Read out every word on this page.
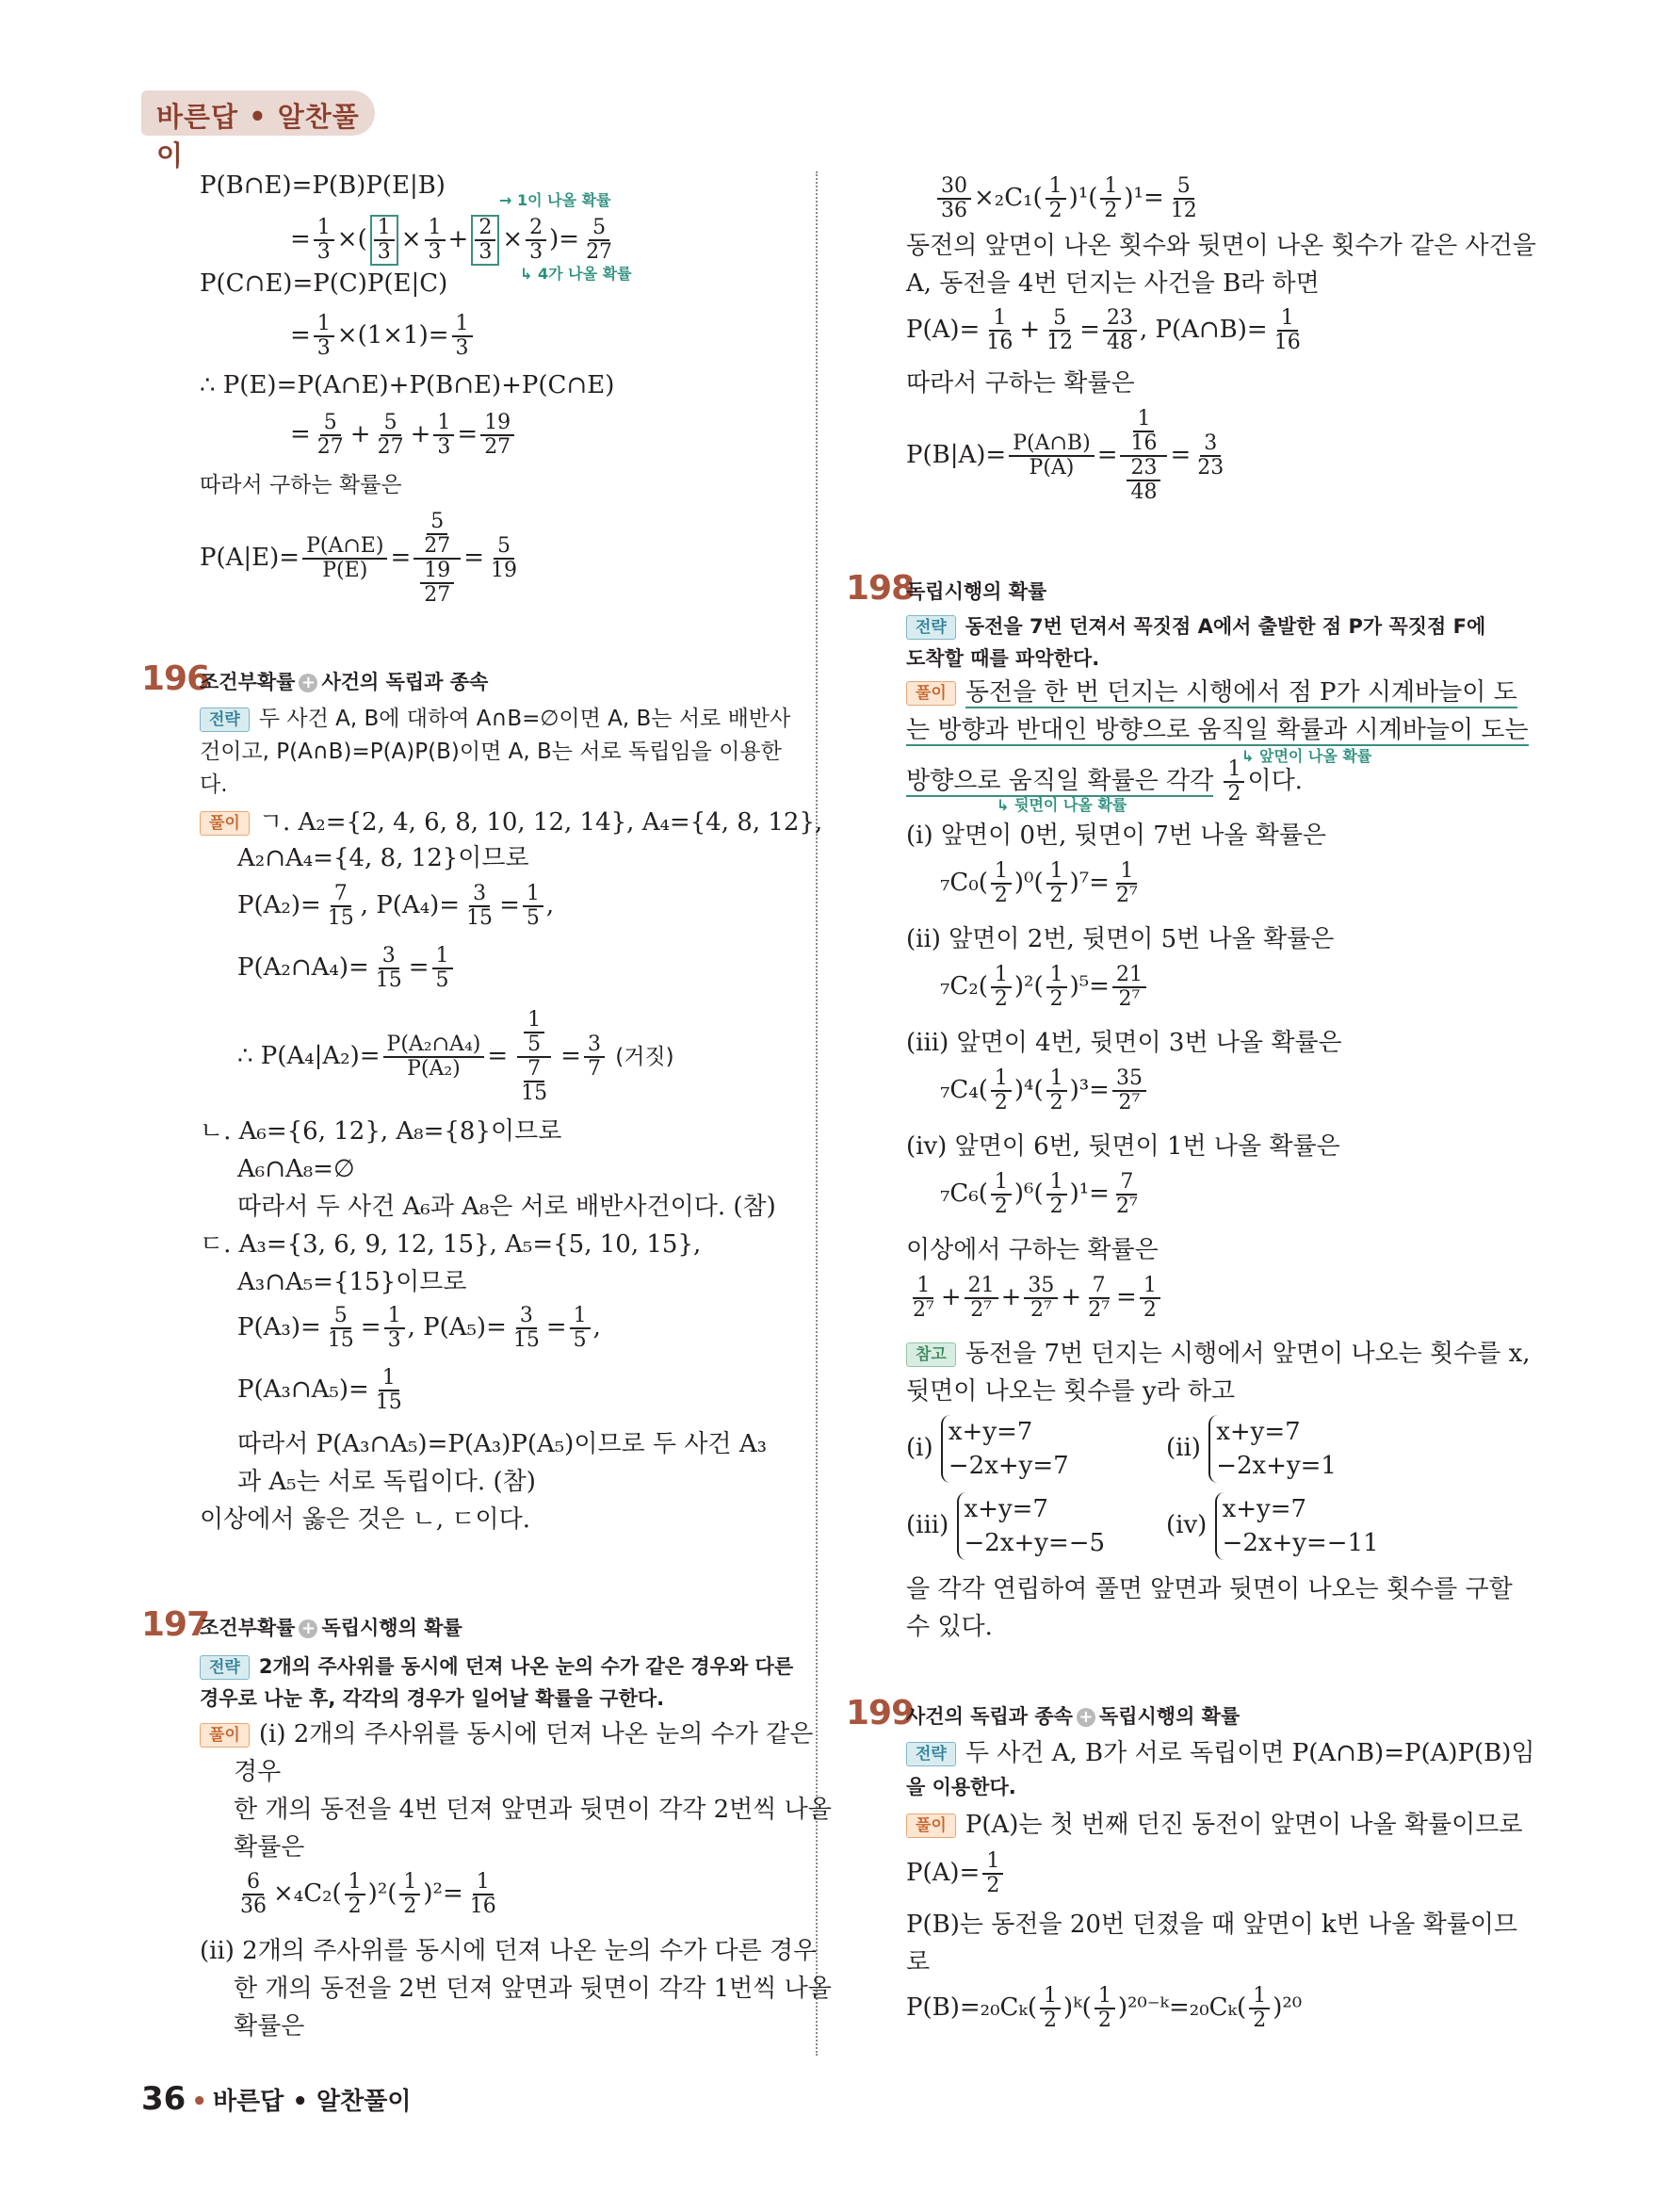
바른답 • 알찬풀이
P(B∩E)=P(B)P(E|B)
→ 1이 나올 확률
= $\frac{1}{3}$ ×( $\frac{1}{3} \times \frac{1}{3} + \frac{2}{3} \times \frac{2}{3}$ )= $\frac{5}{27}$
↳ 4가 나올 확률
P(C∩E)=P(C)P(E|C)
= $\frac{1}{3} \times(1\times 1)= \frac{1}{3}$
∴ P(E)=P(A∩E)+P(B∩E)+P(C∩E)
= $\frac{5}{27} + \frac{5}{27} + \frac{1}{3} = \frac{19}{27}$
따라서 구하는 확률은
$P(A|E)= \frac{P(A\cap E)}{P(E)} = \frac{\frac{5}{27}}{\frac{19}{27}} = \frac{5}{19}$
196
조건부확률 + 사건의 독립과 종속
전략 두 사건 A, B에 대하여 A∩B=∅이면 A, B는 서로 배반사
건이고, P(A∩B)=P(A)P(B)이면 A, B는 서로 독립임을 이용한
다.
풀이 ㄱ. A₂={2, 4, 6, 8, 10, 12, 14}, A₄={4, 8, 12},
A₂∩A₄={4, 8, 12}이므로
$P(A_2)= \frac{7}{15}$ , $P(A_4)= \frac{3}{15} = \frac{1}{5}$ ,
P(A₂∩A₄)= $\frac{3}{15} = \frac{1}{5}$
∴ $P(A_4|A_2)= \frac{\text{P(A₂∩A₄)}}{\text{P(A₂)}} = \frac{\frac{1}{5}}{\frac{7}{15}} = \frac{3}{7}$ (거짓)
ㄴ. A₆={6, 12}, A₈={8}이므로
A₆∩A₈=∅
따라서 두 사건 A₆과 A₈은 서로 배반사건이다. (참)
ㄷ. A₃={3, 6, 9, 12, 15}, A₅={5, 10, 15},
A₃∩A₅={15}이므로
$P(A_3)= \frac{5}{15} = \frac{1}{3}$ , $P(A_5)= \frac{3}{15} = \frac{1}{5}$ ,
P(A₃∩A₅)= $\frac{1}{15}$
따라서 P(A₃∩A₅)=P(A₃)P(A₅)이므로 두 사건 A₃
과 A₅는 서로 독립이다. (참)
이상에서 옳은 것은 ㄴ, ㄷ이다.
197
조건부확률 + 독립시행의 확률
전략 2개의 주사위를 동시에 던져 나온 눈의 수가 같은 경우와 다른
경우로 나눈 후, 각각의 경우가 일어날 확률을 구한다.
풀이 (i) 2개의 주사위를 동시에 던져 나온 눈의 수가 같은
경우
한 개의 동전을 4번 던져 앞면과 뒷면이 각각 2번씩 나올
확률은
$\frac{6}{36} \times_4C_2( \frac{1}{2} )^2( \frac{1}{2} )^2= \frac{1}{16}$
(ii) 2개의 주사위를 동시에 던져 나온 눈의 수가 다른 경우
한 개의 동전을 2번 던져 앞면과 뒷면이 각각 1번씩 나올
확률은
$\frac{30}{36} \times_2C_1( \frac{1}{2} )^1( \frac{1}{2} )^1= \frac{5}{12}$
동전의 앞면이 나온 횟수와 뒷면이 나온 횟수가 같은 사건을
A, 동전을 4번 던지는 사건을 B라 하면
$P(A)= \frac{1}{16} + \frac{5}{12} = \frac{23}{48}$ , P(A∩B)= $\frac{1}{16}$
따라서 구하는 확률은
$P(B|A)= \frac{P(A\cap B)}{P(A)} = \frac{\frac{1}{16}}{\frac{23}{48}} = \frac{3}{23}$
198
독립시행의 확률
전략 동전을 7번 던져서 꼭짓점 A에서 출발한 점 P가 꼭짓점 F에
도착할 때를 파악한다.
풀이 동전을 한 번 던지는 시행에서 점 P가 시계바늘이 도
는 방향과 반대인 방향으로 움직일 확률과 시계바늘이 도는
↳ 앞면이 나올 확률
방향으로 움직일 확률은 각각 $\frac{1}{2}$ 이다.
↳ 뒷면이 나올 확률
(i) 앞면이 0번, 뒷면이 7번 나올 확률은
$_7C_0( \frac{1}{2} )^0( \frac{1}{2} )^7= \frac{1}{\text{2⁷}}$
(ii) 앞면이 2번, 뒷면이 5번 나올 확률은
$_7C_2( \frac{1}{2} )^2( \frac{1}{2} )^5= \frac{21}{\text{2⁷}}$
(iii) 앞면이 4번, 뒷면이 3번 나올 확률은
$_7C_4( \frac{1}{2} )^4( \frac{1}{2} )^3= \frac{35}{\text{2⁷}}$
(iv) 앞면이 6번, 뒷면이 1번 나올 확률은
$_7C_6( \frac{1}{2} )^6( \frac{1}{2} )^1= \frac{7}{\text{2⁷}}$
이상에서 구하는 확률은
$\frac{1}{\text{2⁷}} + \frac{21}{\text{2⁷}} + \frac{35}{\text{2⁷}} + \frac{7}{\text{2⁷}} = \frac{1}{2}$
참고 동전을 7번 던지는 시행에서 앞면이 나오는 횟수를 x,
뒷면이 나오는 횟수를 y라 하고
(i) x+y=7
−2x+y=7
(ii) x+y=7
−2x+y=1
(iii) x+y=7
−2x+y=−5
(iv) x+y=7
−2x+y=−11
을 각각 연립하여 풀면 앞면과 뒷면이 나오는 횟수를 구할
수 있다.
199
사건의 독립과 종속 + 독립시행의 확률
전략 두 사건 A, B가 서로 독립이면 P(A∩B)=P(A)P(B)임
을 이용한다.
풀이 P(A)는 첫 번째 던진 동전이 앞면이 나올 확률이므로
$P(A)= \frac{1}{2}$
P(B)는 동전을 20번 던졌을 때 앞면이 k번 나올 확률이므
로
$P(B)=_{20}C_k( \frac{1}{2}$ )ᵏ( $\frac{1}{2}$ )²⁰⁻ᵏ=₂₀Cₖ( $\frac{1}{2} )^{20}$
36 • 바른답 • 알찬풀이
